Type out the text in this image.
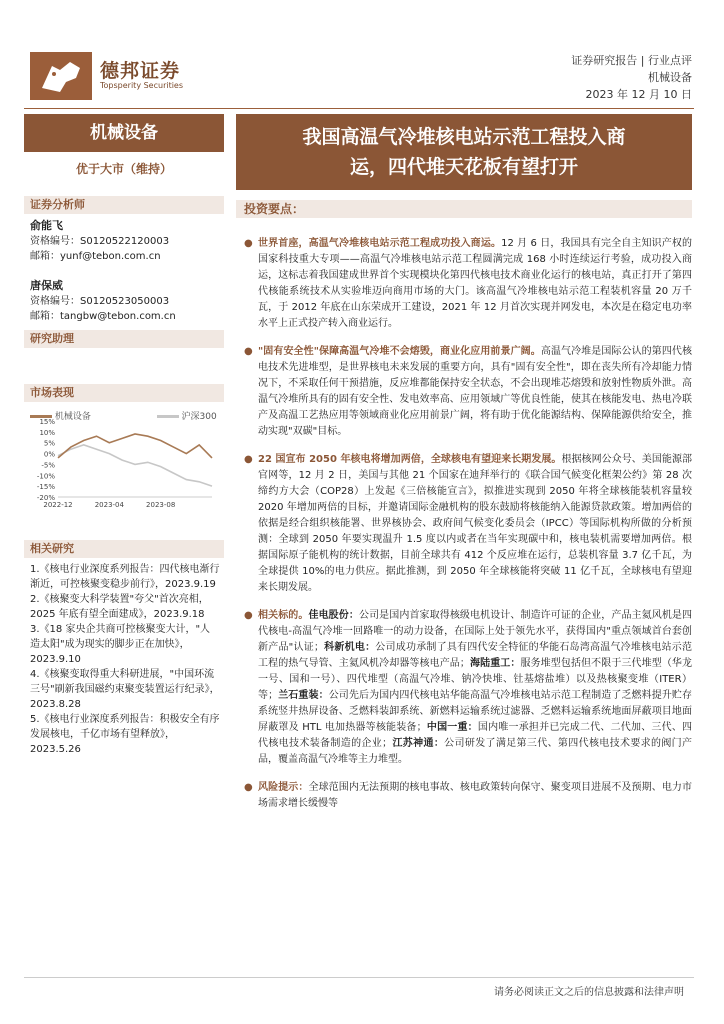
德邦证券
Topsperity Securities
证券研究报告 | 行业点评
机械设备
2023 年 12 月 10 日
机械设备
优于大市（维持）
我国高温气冷堆核电站示范工程投入商
运，四代堆天花板有望打开
证券分析师
俞能飞
资格编号：S0120522120003
邮箱：yunf@tebon.com.cn
唐保威
资格编号：S0120523050003
邮箱：tangbw@tebon.com.cn
研究助理
市场表现
机械设备	沪深300
15%
10%
5%
0%
-5%
-10%
-15%
-20%
2022-12	2023-04	2023-08
相关研究
1.《核电行业深度系列报告：四代核电渐行渐近，可控核聚变稳步前行》，2023.9.19
2.《核聚变大科学装置"夸父"首次亮相，2025 年底有望全面建成》，2023.9.18
3.《18 家央企共商可控核聚变大计，"人造太阳"成为现实的脚步正在加快》，2023.9.10
4.《核聚变取得重大科研进展，"中国环流三号"刷新我国磁约束聚变装置运行纪录》，2023.8.28
5.《核电行业深度系列报告：积极安全有序发展核电，千亿市场有望释放》，2023.5.26
投资要点：
● 世界首座，高温气冷堆核电站示范工程成功投入商运。12 月 6 日，我国具有完全自主知识产权的国家科技重大专项——高温气冷堆核电站示范工程圆满完成 168 小时连续运行考验，成功投入商运，这标志着我国建成世界首个实现模块化第四代核电技术商业化运行的核电站，真正打开了第四代核能系统技术从实验堆迈向商用市场的大门。该高温气冷堆核电站示范工程装机容量 20 万千瓦，于 2012 年底在山东荣成开工建设，2021 年 12 月首次实现并网发电，本次是在稳定电功率水平上正式投产转入商业运行。
● "固有安全性"保障高温气冷堆不会熔毁，商业化应用前景广阔。高温气冷堆是国际公认的第四代核电技术先进堆型，是世界核电未来发展的重要方向，具有"固有安全性"，即在丧失所有冷却能力情况下，不采取任何干预措施，反应堆都能保持安全状态，不会出现堆芯熔毁和放射性物质外泄。高温气冷堆所具有的固有安全性、发电效率高、应用领域广等优良性能，使其在核能发电、热电冷联产及高温工艺热应用等领域商业化应用前景广阔，将有助于优化能源结构、保障能源供给安全，推动实现"双碳"目标。
● 22 国宣布 2050 年核电将增加两倍，全球核电有望迎来长期发展。根据核网公众号、美国能源部官网等，12 月 2 日，美国与其他 21 个国家在迪拜举行的《联合国气候变化框架公约》第 28 次缔约方大会（COP28）上发起《三倍核能宣言》，拟推进实现到 2050 年将全球核能装机容量较 2020 年增加两倍的目标，并邀请国际金融机构的股东鼓励将核能纳入能源贷款政策。增加两倍的依据是经合组织核能署、世界核协会、政府间气候变化委员会（IPCC）等国际机构所做的分析预测：全球到 2050 年要实现温升 1.5 度以内或者在当年实现碳中和，核电装机需要增加两倍。根据国际原子能机构的统计数据，目前全球共有 412 个反应堆在运行，总装机容量 3.7 亿千瓦，为全球提供 10%的电力供应。据此推测，到 2050 年全球核能将突破 11 亿千瓦，全球核电有望迎来长期发展。
● 相关标的。佳电股份：公司是国内首家取得核级电机设计、制造许可证的企业，产品主氦风机是四代核电-高温气冷堆一回路唯一的动力设备，在国际上处于领先水平，获得国内"重点领域首台套创新产品"认证；科新机电：公司成功承制了具有四代安全特征的华能石岛湾高温气冷堆核电站示范工程的热气导管、主氦风机冷却器等核电产品；海陆重工：服务堆型包括但不限于三代堆型（华龙一号、国和一号）、四代堆型（高温气冷堆、钠冷快堆、钍基熔盐堆）以及热核聚变堆（ITER）等；兰石重装：公司先后为国内四代核电站华能高温气冷堆核电站示范工程制造了乏燃料提升贮存系统竖井热屏设备、乏燃料装卸系统、新燃料运输系统过滤器、乏燃料运输系统地面屏蔽项目地面屏蔽罩及 HTL 电加热器等核能装备；中国一重：国内唯一承担并已完成二代、二代加、三代、四代核电技术装备制造的企业；江苏神通：公司研发了满足第三代、第四代核电技术要求的阀门产品，覆盖高温气冷堆等主力堆型。
● 风险提示：全球范围内无法预期的核电事故、核电政策转向保守、聚变项目进展不及预期、电力市场需求增长缓慢等
请务必阅读正文之后的信息披露和法律声明
